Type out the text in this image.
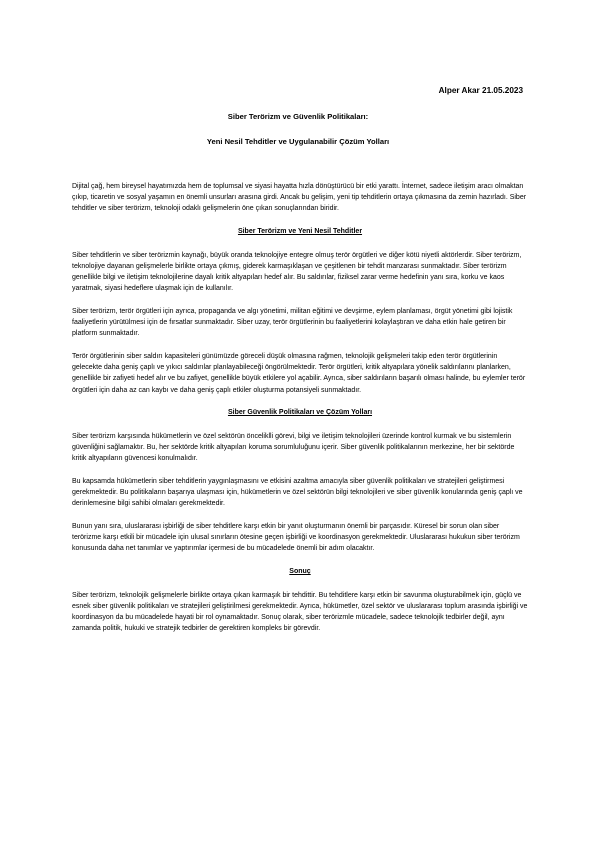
Alper Akar 21.05.2023
Siber Terörizm ve Güvenlik Politikaları:
Yeni Nesil Tehditler ve Uygulanabilir Çözüm Yolları

Dijital çağ, hem bireysel hayatımızda hem de toplumsal ve siyasi hayatta hızla dönüştürücü bir etki yarattı. İnternet, sadece iletişim aracı olmaktan çıkıp, ticaretin ve sosyal yaşamın en önemli unsurları arasına girdi. Ancak bu gelişim, yeni tip tehditlerin ortaya çıkmasına da zemin hazırladı. Siber tehditler ve siber terörizm, teknoloji odaklı gelişmelerin öne çıkan sonuçlarından biridir.

Siber Terörizm ve Yeni Nesil Tehditler

Siber tehditlerin ve siber terörizmin kaynağı, büyük oranda teknolojiye entegre olmuş terör örgütleri ve diğer kötü niyetli aktörlerdir. Siber terörizm, teknolojiye dayanan gelişmelerle birlikte ortaya çıkmış, giderek karmaşıklaşan ve çeşitlenen bir tehdit manzarası sunmaktadır. Siber terörizm genellikle bilgi ve iletişim teknolojilerine dayalı kritik altyapıları hedef alır. Bu saldırılar, fiziksel zarar verme hedefinin yanı sıra, korku ve kaos yaratmak, siyasi hedeflere ulaşmak için de kullanılır.

Siber terörizm, terör örgütleri için ayrıca, propaganda ve algı yönetimi, militan eğitimi ve devşirme, eylem planlaması, örgüt yönetimi gibi lojistik faaliyetlerin yürütülmesi için de fırsatlar sunmaktadır. Siber uzay, terör örgütlerinin bu faaliyetlerini kolaylaştıran ve daha etkin hale getiren bir platform sunmaktadır.

Terör örgütlerinin siber saldırı kapasiteleri günümüzde göreceli düşük olmasına rağmen, teknolojik gelişmeleri takip eden terör örgütlerinin gelecekte daha geniş çaplı ve yıkıcı saldırılar planlayabileceği öngörülmektedir. Terör örgütleri, kritik altyapılara yönelik saldırılarını planlarken, genellikle bir zafiyeti hedef alır ve bu zafiyet, genellikle büyük etkilere yol açabilir. Ayrıca, siber saldırıların başarılı olması halinde, bu eylemler terör örgütleri için daha az can kaybı ve daha geniş çaplı etkiler oluşturma potansiyeli sunmaktadır.

Siber Güvenlik Politikaları ve Çözüm Yolları

Siber terörizm karşısında hükümetlerin ve özel sektörün önceliklli görevi, bilgi ve iletişim teknolojileri üzerinde kontrol kurmak ve bu sistemlerin güvenliğini sağlamaktır. Bu, her sektörde kritik altyapıları koruma sorumluluğunu içerir. Siber güvenlik politikalarının merkezine, her bir sektörde kritik altyapıların güvencesi konulmalıdır.

Bu kapsamda hükümetlerin siber tehditlerin yaygınlaşmasını ve etkisini azaltma amacıyla siber güvenlik politikaları ve stratejileri geliştirmesi gerekmektedir. Bu politikaların başarıya ulaşması için, hükümetlerin ve özel sektörün bilgi teknolojileri ve siber güvenlik konularında geniş çaplı ve derinlemesine bilgi sahibi olmaları gerekmektedir.

Bunun yanı sıra, uluslararası işbirliği de siber tehditlere karşı etkin bir yanıt oluşturmanın önemli bir parçasıdır. Küresel bir sorun olan siber terörizme karşı etkili bir mücadele için ulusal sınırların ötesine geçen işbirliği ve koordinasyon gerekmektedir. Uluslararası hukukun siber terörizm konusunda daha net tanımlar ve yaptırımlar içermesi de bu mücadelede önemli bir adım olacaktır.

Sonuç

Siber terörizm, teknolojik gelişmelerle birlikte ortaya çıkan karmaşık bir tehdittir. Bu tehditlere karşı etkin bir savunma oluşturabilmek için, güçlü ve esnek siber güvenlik politikaları ve stratejileri geliştirilmesi gerekmektedir. Ayrıca, hükümetler, özel sektör ve uluslararası toplum arasında işbirliği ve koordinasyon da bu mücadelede hayati bir rol oynamaktadır. Sonuç olarak, siber terörizmle mücadele, sadece teknolojik tedbirler değil, aynı zamanda politik, hukuki ve stratejik tedbirler de gerektiren kompleks bir görevdir.
